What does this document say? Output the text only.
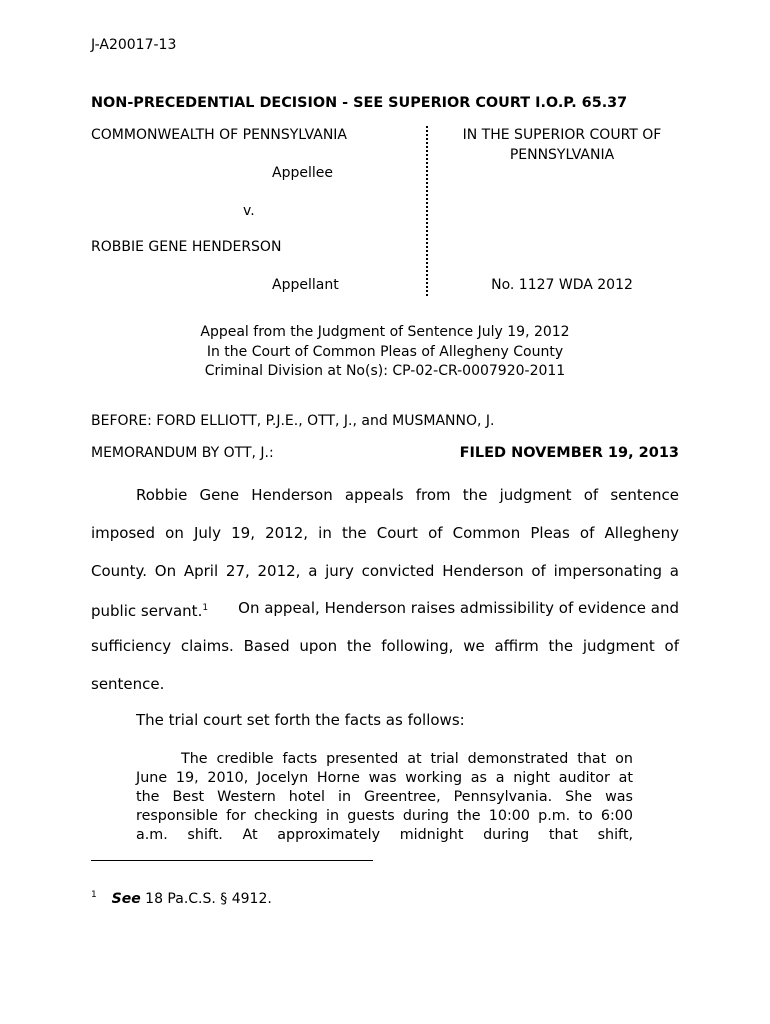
J-A20017-13
NON-PRECEDENTIAL DECISION - SEE SUPERIOR COURT I.O.P. 65.37
COMMONWEALTH OF PENNSYLVANIA
Appellee
v.
ROBBIE GENE HENDERSON
Appellant
IN THE SUPERIOR COURT OF
PENNSYLVANIA
No. 1127 WDA 2012
Appeal from the Judgment of Sentence July 19, 2012
In the Court of Common Pleas of Allegheny County
Criminal Division at No(s): CP-02-CR-0007920-2011
BEFORE: FORD ELLIOTT, P.J.E., OTT, J., and MUSMANNO, J.
MEMORANDUM BY OTT, J.:	FILED NOVEMBER 19, 2013
Robbie Gene Henderson appeals from the judgment of sentence
imposed on July 19, 2012, in the Court of Common Pleas of Allegheny
County. On April 27, 2012, a jury convicted Henderson of impersonating a
public servant.$^1$ On appeal, Henderson raises admissibility of evidence and
sufficiency claims. Based upon the following, we affirm the judgment of
sentence.
The trial court set forth the facts as follows:
The credible facts presented at trial demonstrated that on
June 19, 2010, Jocelyn Horne was working as a night auditor at
the Best Western hotel in Greentree, Pennsylvania. She was
responsible for checking in guests during the 10:00 p.m. to 6:00
a.m. shift. At approximately midnight during that shift,
$^1$ See 18 Pa.C.S. § 4912.
